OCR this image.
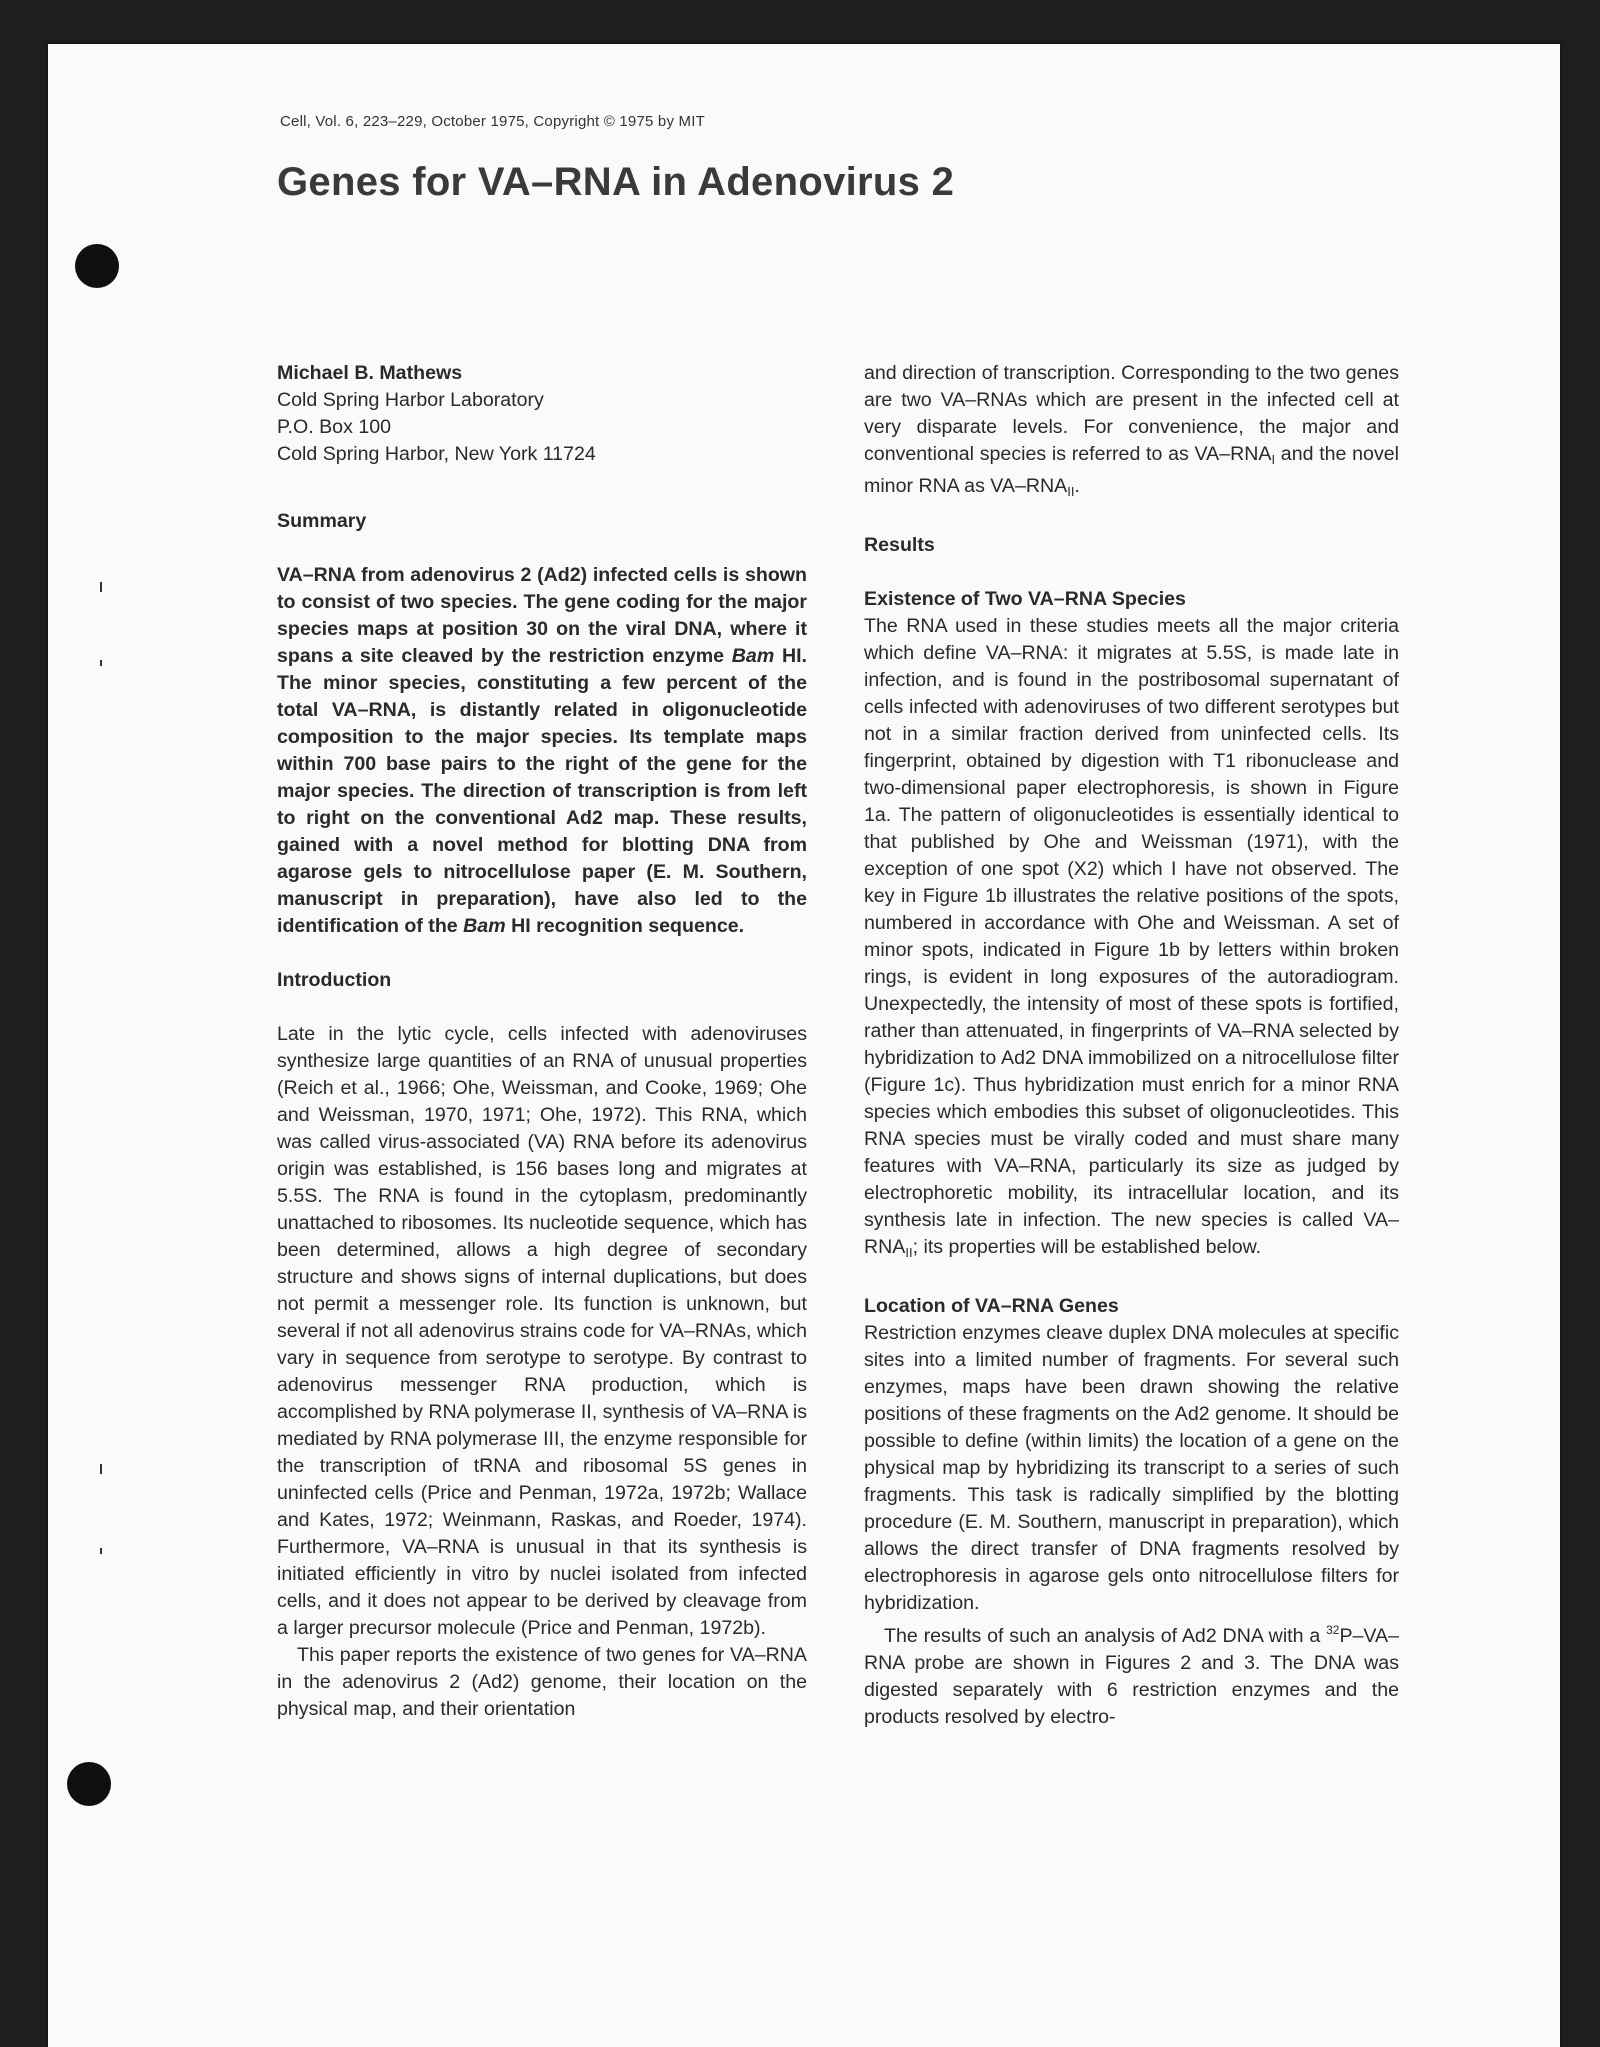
Cell, Vol. 6, 223–229, October 1975, Copyright © 1975 by MIT
Genes for VA–RNA in Adenovirus 2

Michael B. Mathews

Cold Spring Harbor Laboratory

P.O. Box 100

Cold Spring Harbor, New York 11724

Summary

VA–RNA from adenovirus 2 (Ad2) infected cells is shown to consist of two species. The gene coding for the major species maps at position 30 on the viral DNA, where it spans a site cleaved by the restriction enzyme Bam HI. The minor species, constituting a few percent of the total VA–RNA, is distantly related in oligonucleotide composition to the major species. Its template maps within 700 base pairs to the right of the gene for the major species. The direction of transcription is from left to right on the conventional Ad2 map. These results, gained with a novel method for blotting DNA from agarose gels to nitrocellulose paper (E. M. Southern, manuscript in preparation), have also led to the identification of the Bam HI recognition sequence.

Introduction

Late in the lytic cycle, cells infected with adenoviruses synthesize large quantities of an RNA of unusual properties (Reich et al., 1966; Ohe, Weissman, and Cooke, 1969; Ohe and Weissman, 1970, 1971; Ohe, 1972). This RNA, which was called virus-associated (VA) RNA before its adenovirus origin was established, is 156 bases long and migrates at 5.5S. The RNA is found in the cytoplasm, predominantly unattached to ribosomes. Its nucleotide sequence, which has been determined, allows a high degree of secondary structure and shows signs of internal duplications, but does not permit a messenger role. Its function is unknown, but several if not all adenovirus strains code for VA–RNAs, which vary in sequence from serotype to serotype. By contrast to adenovirus messenger RNA production, which is accomplished by RNA polymerase II, synthesis of VA–RNA is mediated by RNA polymerase III, the enzyme responsible for the transcription of tRNA and ribosomal 5S genes in uninfected cells (Price and Penman, 1972a, 1972b; Wallace and Kates, 1972; Weinmann, Raskas, and Roeder, 1974). Furthermore, VA–RNA is unusual in that its synthesis is initiated efficiently in vitro by nuclei isolated from infected cells, and it does not appear to be derived by cleavage from a larger precursor molecule (Price and Penman, 1972b).

This paper reports the existence of two genes for VA–RNA in the adenovirus 2 (Ad2) genome, their location on the physical map, and their orientation

and direction of transcription. Corresponding to the two genes are two VA–RNAs which are present in the infected cell at very disparate levels. For convenience, the major and conventional species is referred to as $VA-RNA_I$ and the novel minor RNA as $VA-RNA_{II}$.

Results

Existence of Two VA–RNA Species

The RNA used in these studies meets all the major criteria which define VA–RNA: it migrates at 5.5S, is made late in infection, and is found in the postribosomal supernatant of cells infected with adenoviruses of two different serotypes but not in a similar fraction derived from uninfected cells. Its fingerprint, obtained by digestion with T1 ribonuclease and two-dimensional paper electrophoresis, is shown in Figure 1a. The pattern of oligonucleotides is essentially identical to that published by Ohe and Weissman (1971), with the exception of one spot (X2) which I have not observed. The key in Figure 1b illustrates the relative positions of the spots, numbered in accordance with Ohe and Weissman. A set of minor spots, indicated in Figure 1b by letters within broken rings, is evident in long exposures of the autoradiogram. Unexpectedly, the intensity of most of these spots is fortified, rather than attenuated, in fingerprints of VA–RNA selected by hybridization to Ad2 DNA immobilized on a nitrocellulose filter (Figure 1c). Thus hybridization must enrich for a minor RNA species which embodies this subset of oligonucleotides. This RNA species must be virally coded and must share many features with VA–RNA, particularly its size as judged by electrophoretic mobility, its intracellular location, and its synthesis late in infection. The new species is called $VA-RNA_{II}$; its properties will be established below.

Location of VA–RNA Genes

Restriction enzymes cleave duplex DNA molecules at specific sites into a limited number of fragments. For several such enzymes, maps have been drawn showing the relative positions of these fragments on the Ad2 genome. It should be possible to define (within limits) the location of a gene on the physical map by hybridizing its transcript to a series of such fragments. This task is radically simplified by the blotting procedure (E. M. Southern, manuscript in preparation), which allows the direct transfer of DNA fragments resolved by electrophoresis in agarose gels onto nitrocellulose filters for hybridization.

The results of such an analysis of Ad2 DNA with a $^{32}$P–VA–RNA probe are shown in Figures 2 and 3. The DNA was digested separately with 6 restriction enzymes and the products resolved by electro-
